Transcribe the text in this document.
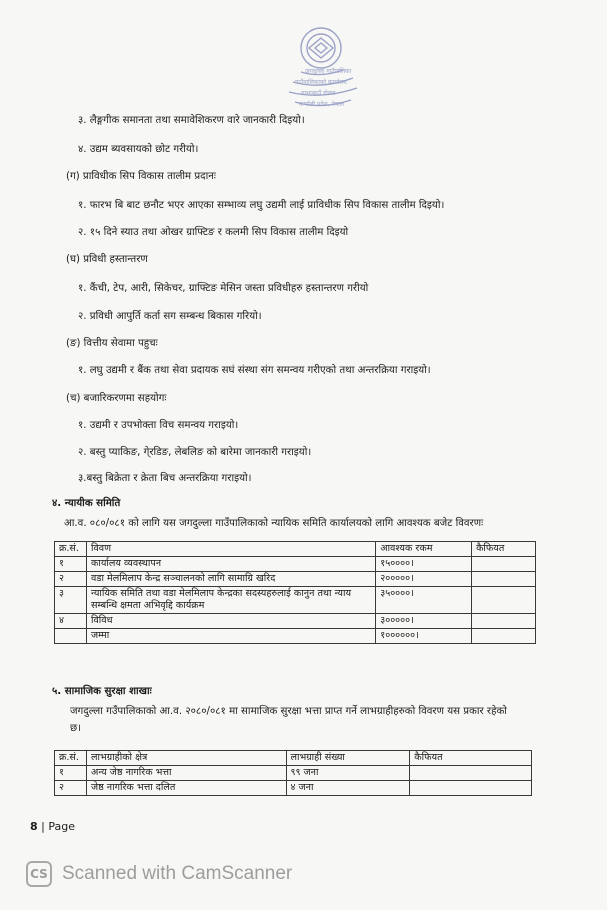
जगदुल्ला गाउँपालिका
गाउँपालिकाको कार्यालय
गाभाकाउँ डोल्पा
कर्णाली प्रदेश, नेपाल
३. लैङ्गगीक समानता तथा समावेशिकरण वारे जानकारी दिइयो।
४. उद्यम ब्यवसायको छोट गरीयो।
(ग) प्राविधीक सिप विकास तालीम प्रदानः
१. फारभ बि बाट छनौट भएर आएका सम्भाव्य लघु उद्यमी लाई प्राविधीक सिप विकास तालीम दिइयो।
२. १५ दिने स्याउ तथा ओखर ग्राफ्टिङ र कलमी सिप विकास तालीम दिइयो
(घ) प्रविधी हस्तान्तरण
१. कैंची, टेप, आरी, सिकेचर, ग्राफ्टिङ मेसिन जस्ता प्रविधीहरु हस्तान्तरण गरीयो
२. प्रविधी आपुर्ति कर्ता सग सम्बन्ध बिकास गरियो।
(ङ) वित्तीय सेवामा पहुचः
१. लघु उद्यमी र बैंक तथा सेवा प्रदायक सघं संस्था संग समन्वय गरीएको तथा अन्तरक्रिया गराइयो।
(च) बजारिकरणमा सहयोगः
१. उद्यमी र उपभोक्ता विच समन्वय गराइयो।
२. बस्तु प्याकिङ, गे्रडिङ, लेबलिङ को बारेमा जानकारी गराइयो।
३.बस्तु बिक्रेता र क्रेता बिच अन्तरक्रिया गराइयो।
४. न्यायीक समिति
आ.व. ०८०/०८१ को लागि यस जगदुल्ला गाउँपालिकाको न्यायिक समिति कार्यालयको लागि आवश्यक बजेट विवरणः
क्र.सं.	विवण	आवश्यक रकम	कैफियत
१	कार्यालय व्यवस्थापन	१५००००।	
२	वडा मेलमिलाप केन्द्र सञ्चालनको लागि सामाग्रि खरिद	२०००००।	
३	न्यायिक समिति तथा वडा मेलमिलाप केन्द्रका सदस्यहरुलाई कानुन तथा न्याय सम्बन्धि क्षमता अभिवृद्दि कार्यक्रम	३५००००।	
४	विविध	३०००००।	
	जम्मा	१००००००।	
५. सामाजिक सुरक्षा शाखाः
जगदुल्ला गउँपालिकाको आ.व. २०८०/०८१ मा सामाजिक सुरक्षा भत्ता प्राप्त गर्ने लाभग्राहीहरुको विवरण यस प्रकार रहेको
छ।
क्र.सं.	लाभग्राहीको क्षेत्र	लाभग्राही संख्या	कैफियत
१	अन्य जेष्ठ नागरिक भत्ता	९९ जना	
२	जेष्ठ नागरिक भत्ता दलित	४ जना	
8 | Page
CS Scanned with CamScanner
